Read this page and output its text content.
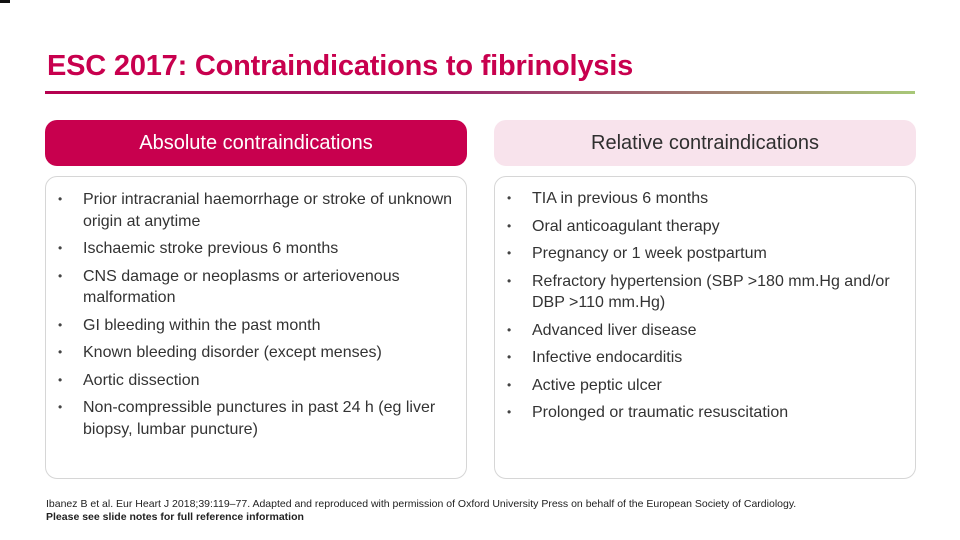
ESC 2017: Contraindications to fibrinolysis
Absolute contraindications	Relative contraindications
• Prior intracranial haemorrhage or stroke of unknown origin at anytime
• Ischaemic stroke previous 6 months
• CNS damage or neoplasms or arteriovenous malformation
• GI bleeding within the past month
• Known bleeding disorder (except menses)
• Aortic dissection
• Non-compressible punctures in past 24 h (eg liver biopsy, lumbar puncture)
• TIA in previous 6 months
• Oral anticoagulant therapy
• Pregnancy or 1 week postpartum
• Refractory hypertension (SBP >180 mm.Hg and/or DBP >110 mm.Hg)
• Advanced liver disease
• Infective endocarditis
• Active peptic ulcer
• Prolonged or traumatic resuscitation
Ibanez B et al. Eur Heart J 2018;39:119–77. Adapted and reproduced with permission of Oxford University Press on behalf of the European Society of Cardiology.
Please see slide notes for full reference information
